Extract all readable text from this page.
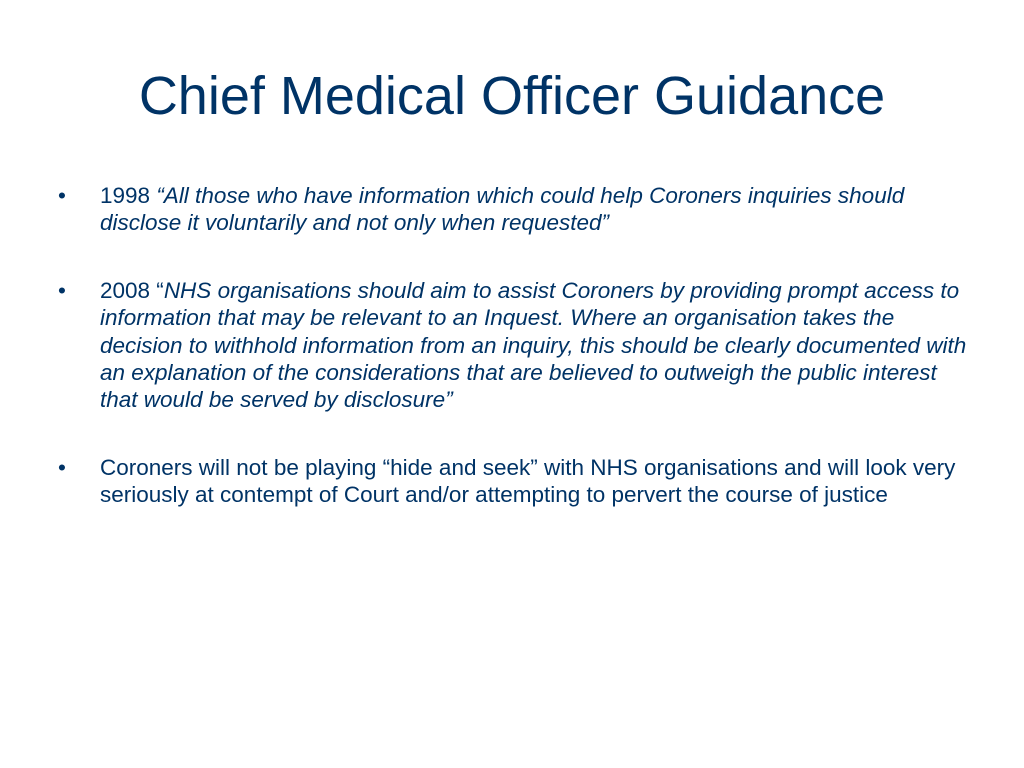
Chief Medical Officer Guidance
•	1998 “All those who have information which could help Coroners inquiries should disclose it voluntarily and not only when requested”
•	2008 “NHS organisations should aim to assist Coroners by providing prompt access to information that may be relevant to an Inquest. Where an organisation takes the decision to withhold information from an inquiry, this should be clearly documented with an explanation of the considerations that are believed to outweigh the public interest that would be served by disclosure”
•	Coroners will not be playing “hide and seek” with NHS organisations and will look very seriously at contempt of Court and/or attempting to pervert the course of justice
